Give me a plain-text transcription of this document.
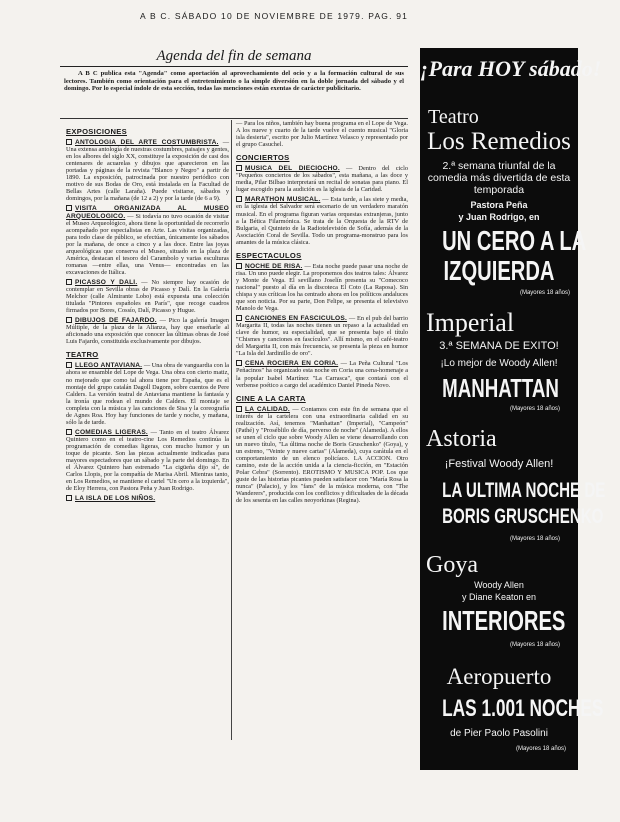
A B C. SÁBADO 10 DE NOVIEMBRE DE 1979. PAG. 91
Agenda del fin de semana
A B C publica esta "Agenda" como aportación al aprovechamiento del ocio y a la formación cultural de sus lectores. También como orientación para el entretenimiento o la simple diversión en la doble jornada del sábado y el domingo. Por lo especial índole de esta sección, todas las menciones están exentas de carácter publicitario.
EXPOSICIONES

ANTOLOGIA DEL ARTE COSTUMBRISTA. — Una extensa antología de nuestras costumbres, paisajes y gentes, en los albores del siglo XX, constituye la exposición de casi dos centenares de acuarelas y dibujos que aparecieron en las portadas y páginas de la revista "Blanco y Negro" a partir de 1890. La exposición, patrocinada por nuestro periódico con motivo de sus Bodas de Oro, está instalada en la Facultad de Bellas Artes (calle Laraña). Puede visitarse, sábados y domingos, por la mañana (de 12 a 2) y por la tarde (de 6 a 9).

VISITA ORGANIZADA AL MUSEO ARQUEOLOGICO. — Si todavía no tuvo ocasión de visitar el Museo Arqueológico, ahora tiene la oportunidad de recorrerlo acompañado por especialistas en Arte. Las visitas organizadas, para todo clase de público, se efectúan, únicamente los sábados por la mañana, de once a cinco y a las doce. Entre las joyas arqueológicas que conserva el Museo, situado en la plaza de América, destacan el tesoro del Carambolo y varias esculturas romanas —entre ellas, una Venus— encontradas en las excavaciones de Itálica.

PICASSO Y DALI. — No siempre hay ocasión de contemplar en Sevilla obras de Picasso y Dalí. En la Galería Melchor (calle Almirante Lobo) está expuesta una colección titulada "Pintores españoles en París", que recoge cuadros firmados por Bores, Cossío, Dalí, Picasso y Hugue.

DIBUJOS DE FAJARDO. — Pico la galería Imagen Múltiple, de la plaza de la Alianza, hay que enseñarle al aficionado una exposición que conocer las últimas obras de José Luis Fajardo, constituida exclusivamente por dibujos.

TEATRO

LLEGO ANTAVIANA. — Una obra de vanguardia con la ahora se ensamble del Lope de Vega. Una obra con cierto matiz, no mejorado que como tal ahora tiene por España, que es el montaje del grupo catalán Dagoll Dagom, sobre cuentos de Pere Calders. La versión teatral de Antaviana mantiene la fantasía y la ironía que rodean el mundo de Calders. El montaje se completa con la música y las canciones de Sisa y la coreografía de Agnes Roa. Hoy hay funciones de tarde y noche, y mañana, sólo la de tarde.

COMEDIAS LIGERAS. — Tanto en el teatro Álvarez Quintero como en el teatro-cine Los Remedios continúa la programación de comedias ligeras, con mucho humor y un toque de picante. Son las piezas actualmente indicadas para mayores espectadores que un sábado y la parte del domingo. En el Álvarez Quintero han estrenado "La cigüeña dijo sí", de Carlos Llopis, por la compañía de Marisa Abril. Mientras tanto, en Los Remedios, se mantiene el cartel "Un cero a la izquierda", de Eloy Herrera, con Pastora Peña y Juan Rodrigo.

LA ISLA DE LOS NIÑOS.

— Para los niños, también hay buena programa en el Lope de Vega. A los nueve y cuarto de la tarde vuelve el cuento musical "Gloria isla desierta", escrito por Julio Martínez Velasco y representado por el grupo Casuchel.

CONCIERTOS

MUSICA DEL DIECIOCHO. — Dentro del ciclo "Pequeños conciertos de los sábados", esta mañana, a las doce y media, Pilar Bilbao interpretará un recital de sonatas para piano. El lugar escogido para la audición es la iglesia de la Caridad.

MARATHON MUSICAL. — Esta tarde, a las siete y media, en la iglesia del Salvador será escenario de un verdadero maratón musical. En el programa figuran varias orquestas extranjeras, junto a la Bética Filarmónica. Se trata de la Orquesta de la RTV de Bulgaria, el Quinteto de la Radiotelevisión de Sofía, además de la Asociación Coral de Sevilla. Todo un programa-monstruo para los amantes de la música clásica.

ESPECTACULOS

NOCHE DE RISA. — Esta noche puede pasar una noche de risa. Un uno puede elegir. La proponemos dos teatros tales: Álvarez y Monte de Vega. El sevillano Joselín presenta su "Comecoco nacional" puesto al día en la discoteca El Coto (La Raposa). Sin chispa y sus críticas los ha centrado ahora en los políticos andaluces que son noticia. Por su parte, Don Felipe, se presenta el televisivo Manolo de Vega.

CANCIONES EN FASCICULOS. — En el pub del barrio Margarita II, todas las noches tienen un repaso a la actualidad en clave de humor, su especialidad, que se presenta bajo el título "Chismes y canciones en fascículos". Allí mismo, en el café-teatro del Margarita II, con más frecuencia, se presenta la pieza en humor "La Isla del Jardinillo de oro".

CENA ROCIERA EN CORIA. — La Peña Cultural "Los Peñacinos" ha organizado esta noche en Coria una cena-homenaje a la popular Isabel Martínez "La Carrasca", que contará con el verbense poético a cargo del académico Daniel Pineda Novo.

CINE A LA CARTA

LA CALIDAD. — Contamos con este fin de semana que el interés de la cartelera con una extraordinaria calidad en su realización. Así, tenemos "Manhattan" (Imperial), "Campeón" (Pathé) y "Proséblilo de día, perverso de noche" (Alameda). A ellos se unen el ciclo que sobre Woody Allen se viene desarrollando con un nuevo título, "La última noche de Boris Gruschenko" (Goya), y un estreno, "Veinte y nueve cartas" (Alameda), cuya carátula en el comportamiento de un elenco policíaco. LA ACCION. Otro camino, este de la acción unida a la ciencia-ficción, en "Estación Polar Cebra" (Sorrento). EROTISMO Y MUSICA POP. Los que guste de las historias picantes pueden satisfacer con "María Rosa la nunca" (Palacio), y los "fans" de la música moderna, con "The Wanderers", producida con los conflictos y dificultades de la década de los sesenta en las calles neoyorkinas (Regina).

¡Para HOY sábado!
Teatro
Los Remedios
2.ª semana triunfal de la comedia más divertida de esta temporada
Pastora Peña
y Juan Rodrigo, en
UN CERO A LA
IZQUIERDA
(Mayores 18 años)
Imperial
3.ª SEMANA DE EXITO!
¡Lo mejor de Woody Allen!
MANHATTAN
(Mayores 18 años)
Astoria
¡Festival Woody Allen!
LA ULTIMA NOCHE DE
BORIS GRUSCHENKO
(Mayores 18 años)
Goya
Woody Allen
y Diane Keaton en
INTERIORES
(Mayores 18 años)
Aeropuerto
LAS 1.001 NOCHES
de Pier Paolo Pasolini
(Mayores 18 años)
